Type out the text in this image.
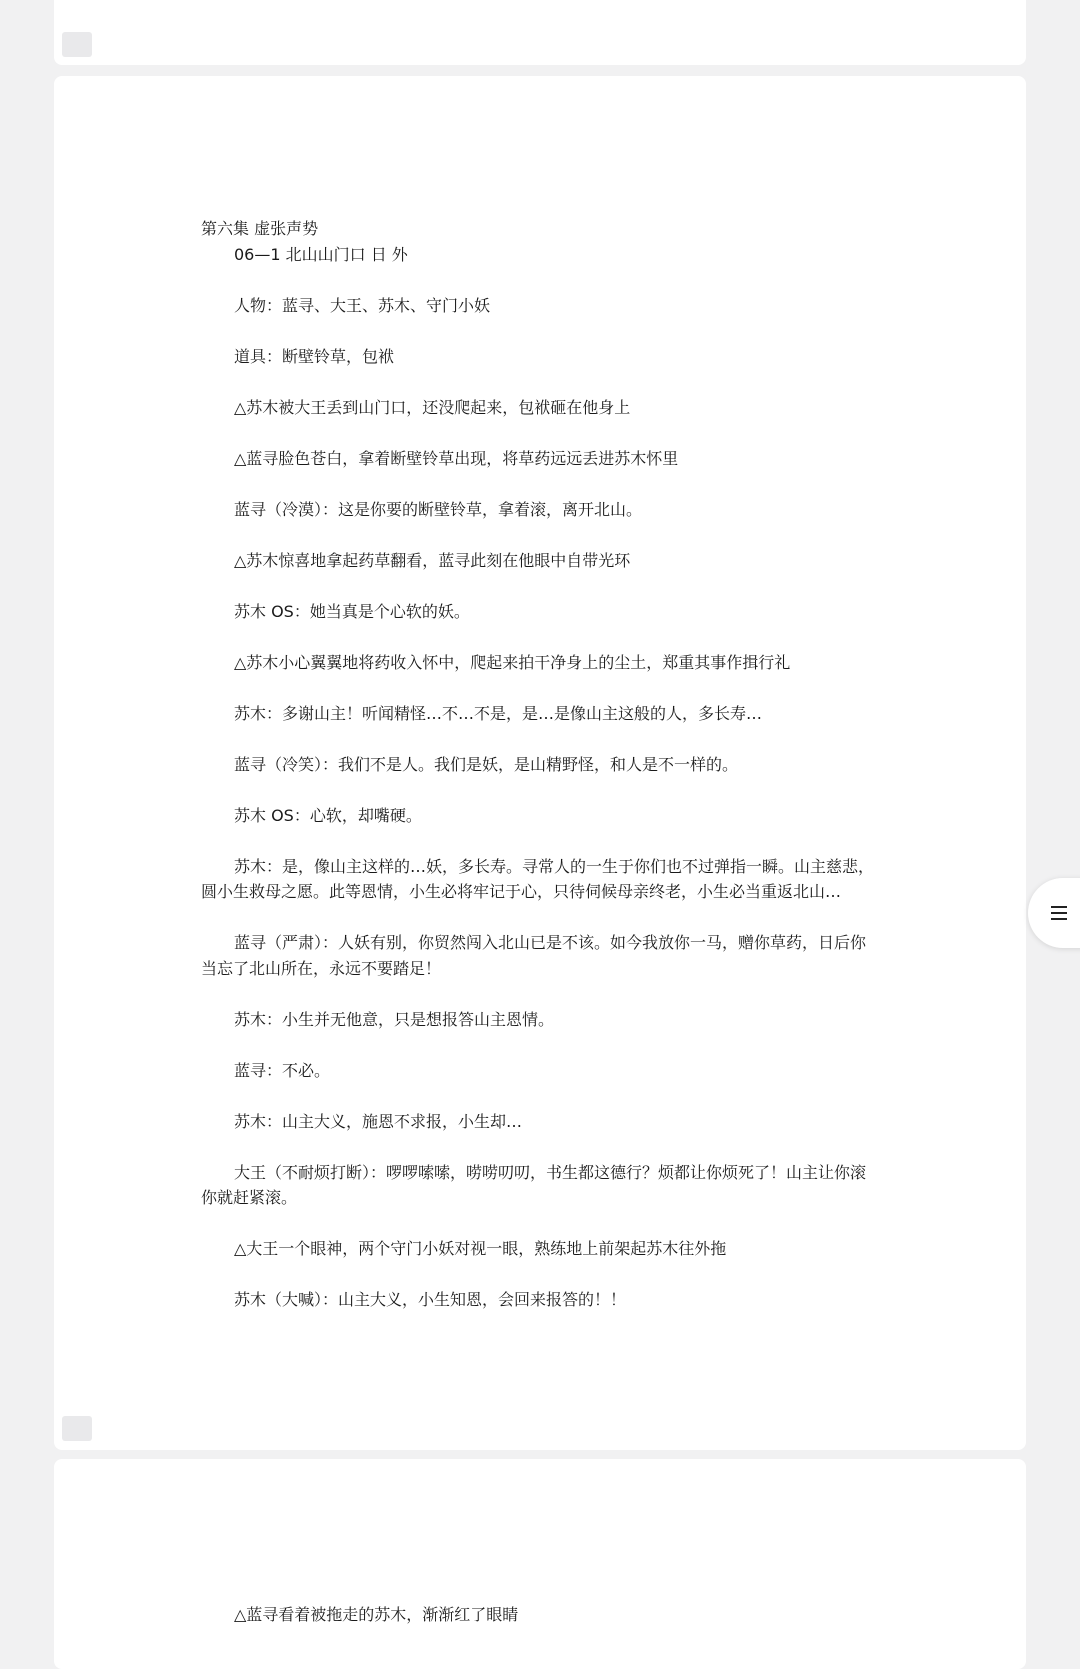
第六集 虚张声势

06—1 北山山门口 日 外

人物：蓝寻、大王、苏木、守门小妖

道具：断壁铃草，包袱

△苏木被大王丢到山门口，还没爬起来，包袱砸在他身上

△蓝寻脸色苍白，拿着断壁铃草出现，将草药远远丢进苏木怀里

蓝寻（冷漠）：这是你要的断壁铃草，拿着滚，离开北山。

△苏木惊喜地拿起药草翻看，蓝寻此刻在他眼中自带光环

苏木 OS：她当真是个心软的妖。

△苏木小心翼翼地将药收入怀中，爬起来拍干净身上的尘土，郑重其事作揖行礼

苏木：多谢山主！听闻精怪…不…不是，是…是像山主这般的人，多长寿…

蓝寻（冷笑）：我们不是人。我们是妖，是山精野怪，和人是不一样的。

苏木 OS：心软，却嘴硬。

苏木：是，像山主这样的…妖，多长寿。寻常人的一生于你们也不过弹指一瞬。山主慈悲，圆小生救母之愿。此等恩情，小生必将牢记于心，只待伺候母亲终老，小生必当重返北山…

蓝寻（严肃）：人妖有别，你贸然闯入北山已是不该。如今我放你一马，赠你草药，日后你当忘了北山所在，永远不要踏足！

苏木：小生并无他意，只是想报答山主恩情。

蓝寻：不必。

苏木：山主大义，施恩不求报，小生却…

大王（不耐烦打断）：啰啰嗦嗦，唠唠叨叨，书生都这德行？烦都让你烦死了！山主让你滚你就赶紧滚。

△大王一个眼神，两个守门小妖对视一眼，熟练地上前架起苏木往外拖

苏木（大喊）：山主大义，小生知恩，会回来报答的！！

△蓝寻看着被拖走的苏木，渐渐红了眼睛
